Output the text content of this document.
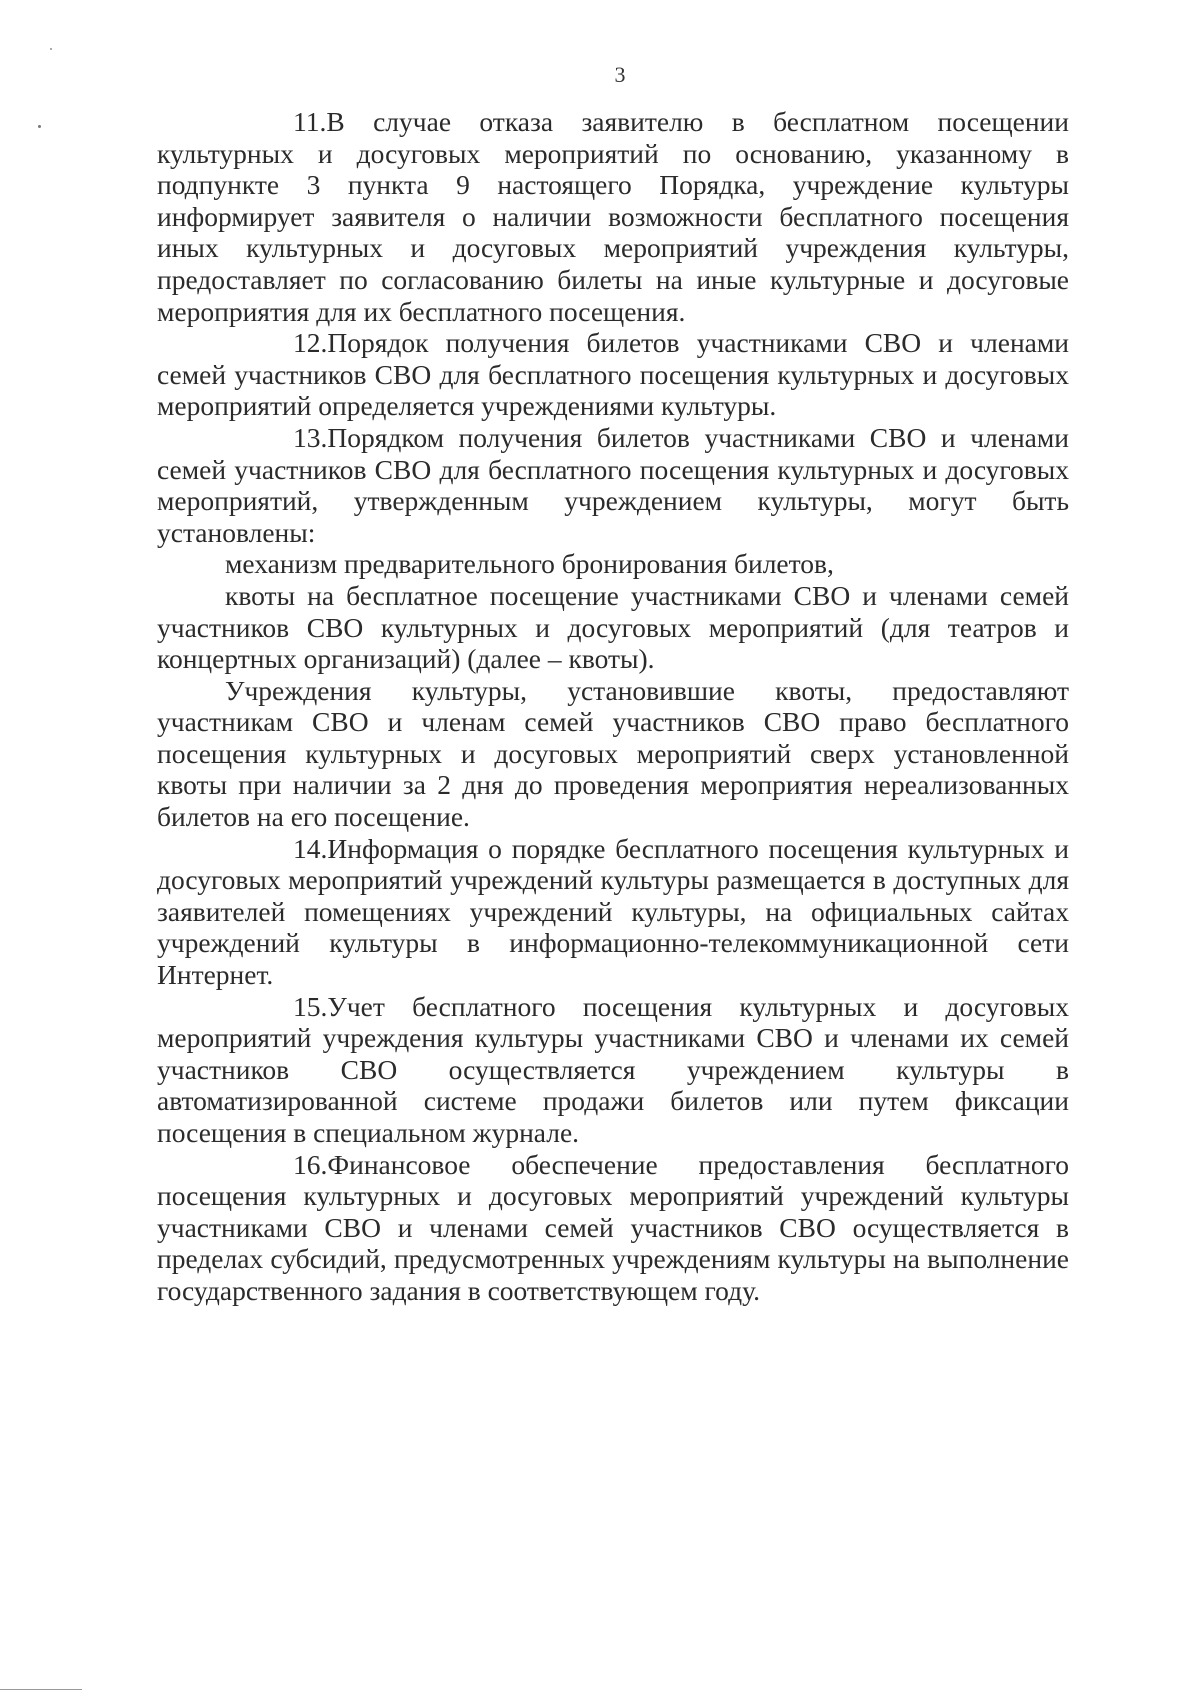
3

11.В случае отказа заявителю в бесплатном посещении культурных и досуговых мероприятий по основанию, указанному в подпункте 3 пункта 9 настоящего Порядка, учреждение культуры информирует заявителя о наличии возможности бесплатного посещения иных культурных и досуговых мероприятий учреждения культуры, предоставляет по согласованию билеты на иные культурные и досуговые мероприятия для их бесплатного посещения.

12.Порядок получения билетов участниками СВО и членами семей участников СВО для бесплатного посещения культурных и досуговых мероприятий определяется учреждениями культуры.

13.Порядком получения билетов участниками СВО и членами семей участников СВО для бесплатного посещения культурных и досуговых мероприятий, утвержденным учреждением культуры, могут быть установлены:

механизм предварительного бронирования билетов,

квоты на бесплатное посещение участниками СВО и членами семей участников СВО культурных и досуговых мероприятий (для театров и концертных организаций) (далее – квоты).

Учреждения культуры, установившие квоты, предоставляют участникам СВО и членам семей участников СВО право бесплатного посещения культурных и досуговых мероприятий сверх установленной квоты при наличии за 2 дня до проведения мероприятия нереализованных билетов на его посещение.

14.Информация о порядке бесплатного посещения культурных и досуговых мероприятий учреждений культуры размещается в доступных для заявителей помещениях учреждений культуры, на официальных сайтах учреждений культуры в информационно-телекоммуникационной сети Интернет.

15.Учет бесплатного посещения культурных и досуговых мероприятий учреждения культуры участниками СВО и членами их семей участников СВО осуществляется учреждением культуры в автоматизированной системе продажи билетов или путем фиксации посещения в специальном журнале.

16.Финансовое обеспечение предоставления бесплатного посещения культурных и досуговых мероприятий учреждений культуры участниками СВО и членами семей участников СВО осуществляется в пределах субсидий, предусмотренных учреждениям культуры на выполнение государственного задания в соответствующем году.
